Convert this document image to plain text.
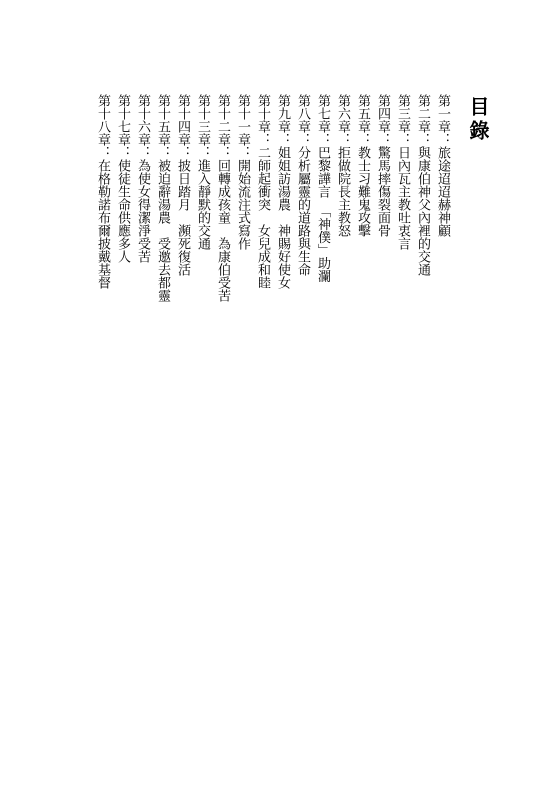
目錄
第一章：旅途迢迢赫神顧
第二章：與康伯神父內裡的交通
第三章：日內瓦主教吐衷言
第四章：驚馬摔傷裂面骨
第五章：教士习難鬼攻擊
第六章：拒做院長主教怒
第七章：巴黎譁言　「神僕」助瀾
第八章：分析屬靈的道路與生命
第九章：姐姐訪湯農　神賜好使女
第十章：二師起衝突　女兒成和睦
第十一章：開始流注式寫作
第十二章：回轉成孩童　為康伯受苦
第十三章：進入靜默的交通
第十四章：披日踏月　瀕死復活
第十五章：被迫辭湯農　受邀去都靈
第十六章：為使女得潔淨受苦
第十七章：使徒生命供應多人
第十八章：在格勒諾布爾披戴基督
